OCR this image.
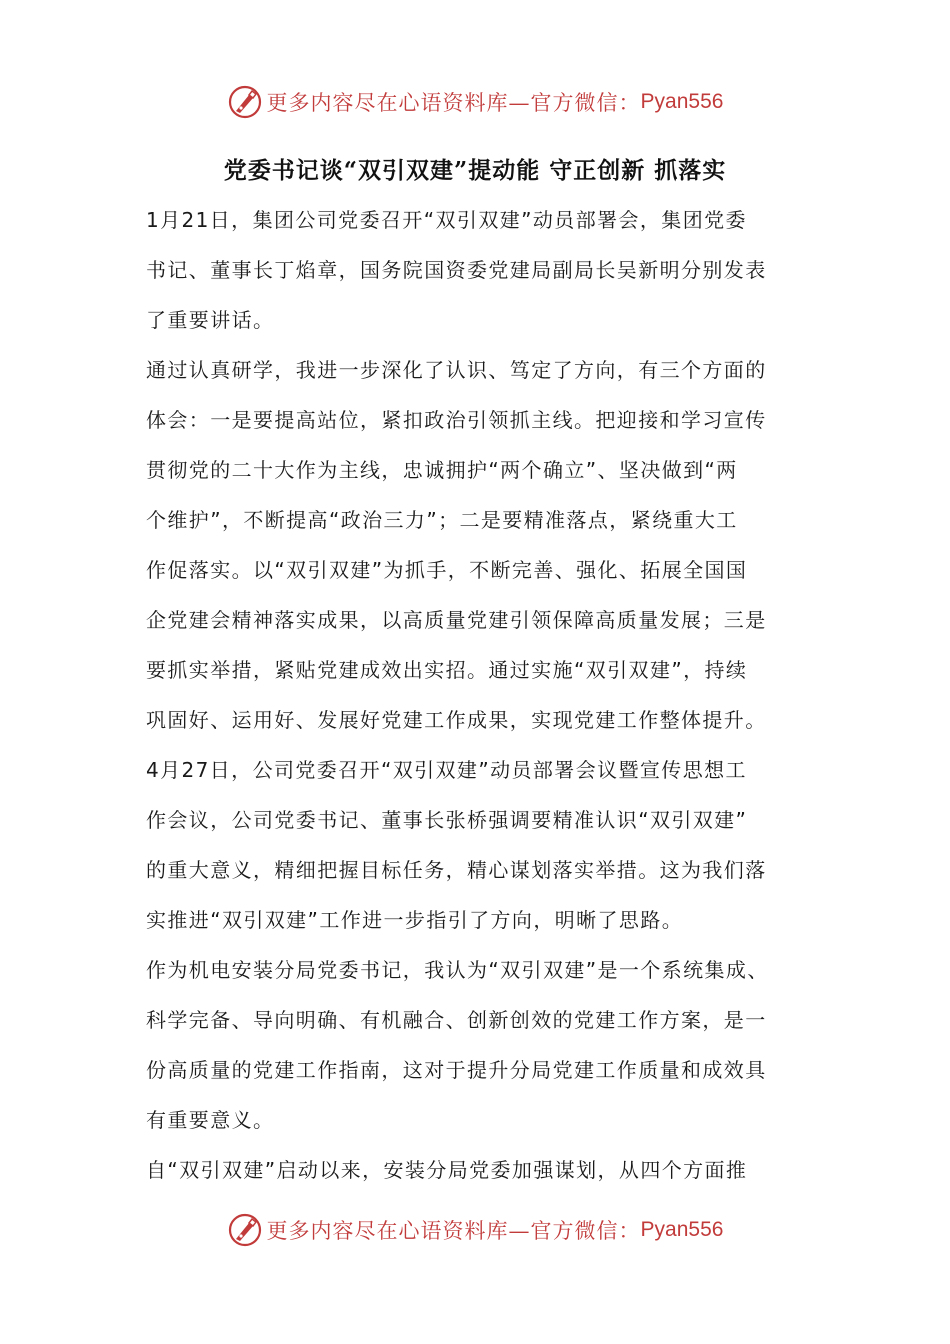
更多内容尽在心语资料库—官方微信： Pyan556
党委书记谈“双引双建”提动能 守正创新 抓落实

1月21日，集团公司党委召开“双引双建”动员部署会，集团党委
书记、董事长丁焰章，国务院国资委党建局副局长吴新明分别发表
了重要讲话。

通过认真研学，我进一步深化了认识、笃定了方向，有三个方面的
体会：一是要提高站位，紧扣政治引领抓主线。把迎接和学习宣传
贯彻党的二十大作为主线，忠诚拥护“两个确立”、坚决做到“两
个维护”，不断提高“政治三力”；二是要精准落点，紧绕重大工
作促落实。以“双引双建”为抓手，不断完善、强化、拓展全国国
企党建会精神落实成果，以高质量党建引领保障高质量发展；三是
要抓实举措，紧贴党建成效出实招。通过实施“双引双建”，持续
巩固好、运用好、发展好党建工作成果，实现党建工作整体提升。

4月27日，公司党委召开“双引双建”动员部署会议暨宣传思想工
作会议，公司党委书记、董事长张桥强调要精准认识“双引双建”
的重大意义，精细把握目标任务，精心谋划落实举措。这为我们落
实推进“双引双建”工作进一步指引了方向，明晰了思路。

作为机电安装分局党委书记，我认为“双引双建”是一个系统集成、
科学完备、导向明确、有机融合、创新创效的党建工作方案，是一
份高质量的党建工作指南，这对于提升分局党建工作质量和成效具
有重要意义。

自“双引双建”启动以来，安装分局党委加强谋划，从四个方面推

更多内容尽在心语资料库—官方微信： Pyan556
